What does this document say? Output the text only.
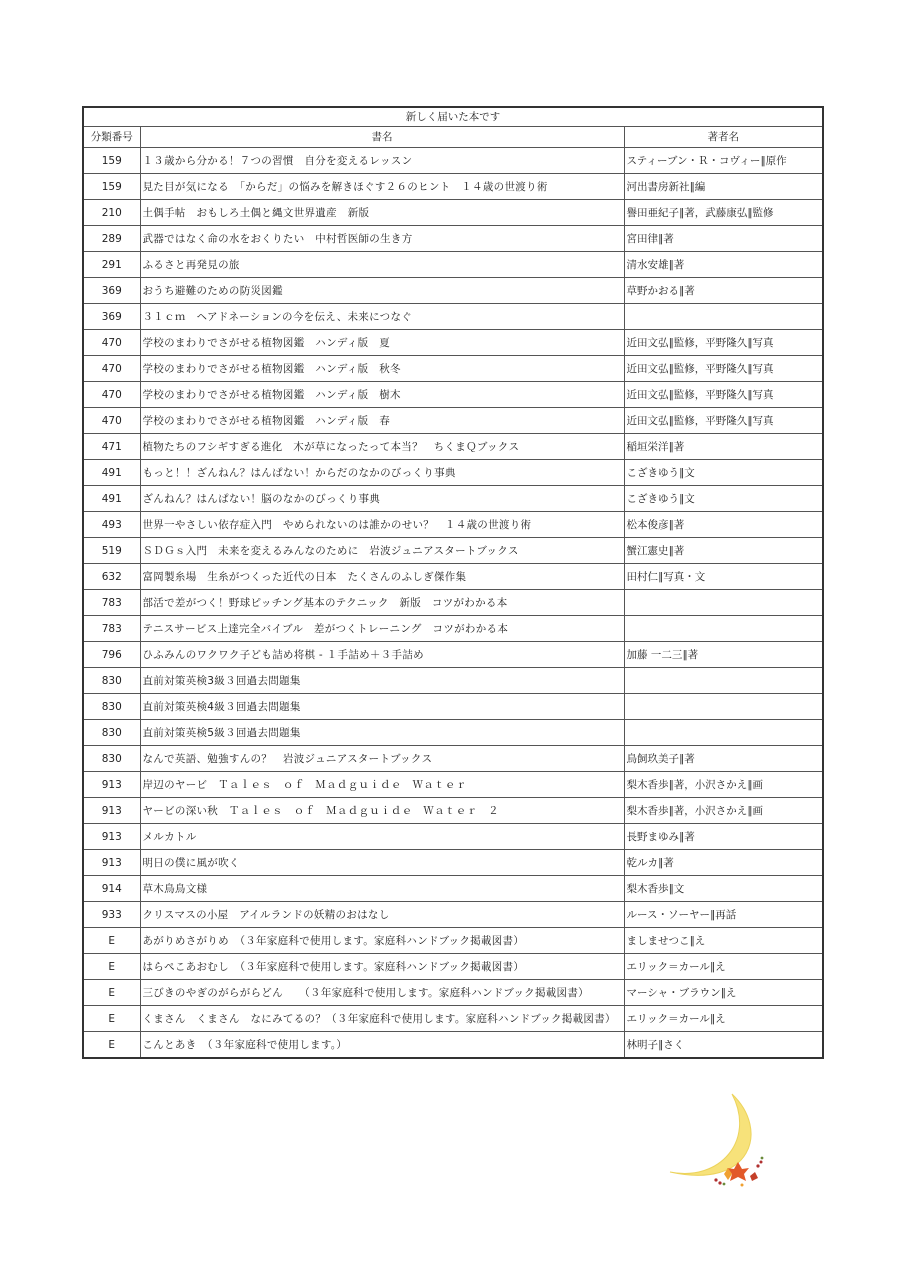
新しく届いた本です		
分類番号	書名	著者名
159	１３歳から分かる！７つの習慣　自分を変えるレッスン	スティーブン・Ｒ・コヴィー∥原作
159	見た目が気になる　「からだ」の悩みを解きほぐす２６のヒント　１４歳の世渡り術	河出書房新社∥編
210	土偶手帖　おもしろ土偶と縄文世界遺産　新版	譽田亜紀子∥著，武藤康弘∥監修
289	武器ではなく命の水をおくりたい　中村哲医師の生き方	宮田律∥著
291	ふるさと再発見の旅	清水安雄∥著
369	おうち避難のための防災図鑑	草野かおる∥著
369	３１ｃｍ　ヘアドネーションの今を伝え、未来につなぐ	
470	学校のまわりでさがせる植物図鑑　ハンディ版　夏	近田文弘∥監修，平野隆久∥写真
470	学校のまわりでさがせる植物図鑑　ハンディ版　秋冬	近田文弘∥監修，平野隆久∥写真
470	学校のまわりでさがせる植物図鑑　ハンディ版　樹木	近田文弘∥監修，平野隆久∥写真
470	学校のまわりでさがせる植物図鑑　ハンディ版　春	近田文弘∥監修，平野隆久∥写真
471	植物たちのフシギすぎる進化　木が草になったって本当？　ちくまＱブックス	稲垣栄洋∥著
491	もっと！！ざんねん？はんぱない！からだのなかのびっくり事典	こざきゆう∥文
491	ざんねん？はんぱない！脳のなかのびっくり事典	こざきゆう∥文
493	世界一やさしい依存症入門　やめられないのは誰かのせい？　１４歳の世渡り術	松本俊彦∥著
519	ＳＤＧｓ入門　未来を変えるみんなのために　岩波ジュニアスタートブックス	蟹江憲史∥著
632	富岡製糸場　生糸がつくった近代の日本　たくさんのふしぎ傑作集	田村仁∥写真・文
783	部活で差がつく！野球ピッチング基本のテクニック　新版　コツがわかる本	
783	テニスサービス上達完全バイブル　差がつくトレーニング　コツがわかる本	
796	ひふみんのワクワク子ども詰め将棋 - １手詰め＋３手詰め	加藤 一二三∥著
830	直前対策英検3級３回過去問題集	
830	直前対策英検4級３回過去問題集	
830	直前対策英検5級３回過去問題集	
830	なんで英語、勉強すんの？　岩波ジュニアスタートブックス	鳥飼玖美子∥著
913	岸辺のヤービ　Ｔａｌｅｓ　ｏｆ　Ｍａｄｇｕｉｄｅ　Ｗａｔｅｒ	梨木香歩∥著，小沢さかえ∥画
913	ヤービの深い秋　Ｔａｌｅｓ　ｏｆ　Ｍａｄｇｕｉｄｅ　Ｗａｔｅｒ　２	梨木香歩∥著，小沢さかえ∥画
913	メルカトル	長野まゆみ∥著
913	明日の僕に風が吹く	乾ルカ∥著
914	草木鳥鳥文様	梨木香歩∥文
933	クリスマスの小屋　アイルランドの妖精のおはなし	ルース・ソーヤー∥再話
E	あがりめさがりめ　（３年家庭科で使用します。家庭科ハンドブック掲載図書）	ましませつこ∥え
E	はらぺこあおむし　（３年家庭科で使用します。家庭科ハンドブック掲載図書）	エリック＝カール∥え
E	三びきのやぎのがらがらどん　　（３年家庭科で使用します。家庭科ハンドブック掲載図書）	マーシャ・ブラウン∥え
E	くまさん　くまさん　なにみてるの？（３年家庭科で使用します。家庭科ハンドブック掲載図書）	エリック＝カール∥え
E	こんとあき　（３年家庭科で使用します。）	林明子∥さく
